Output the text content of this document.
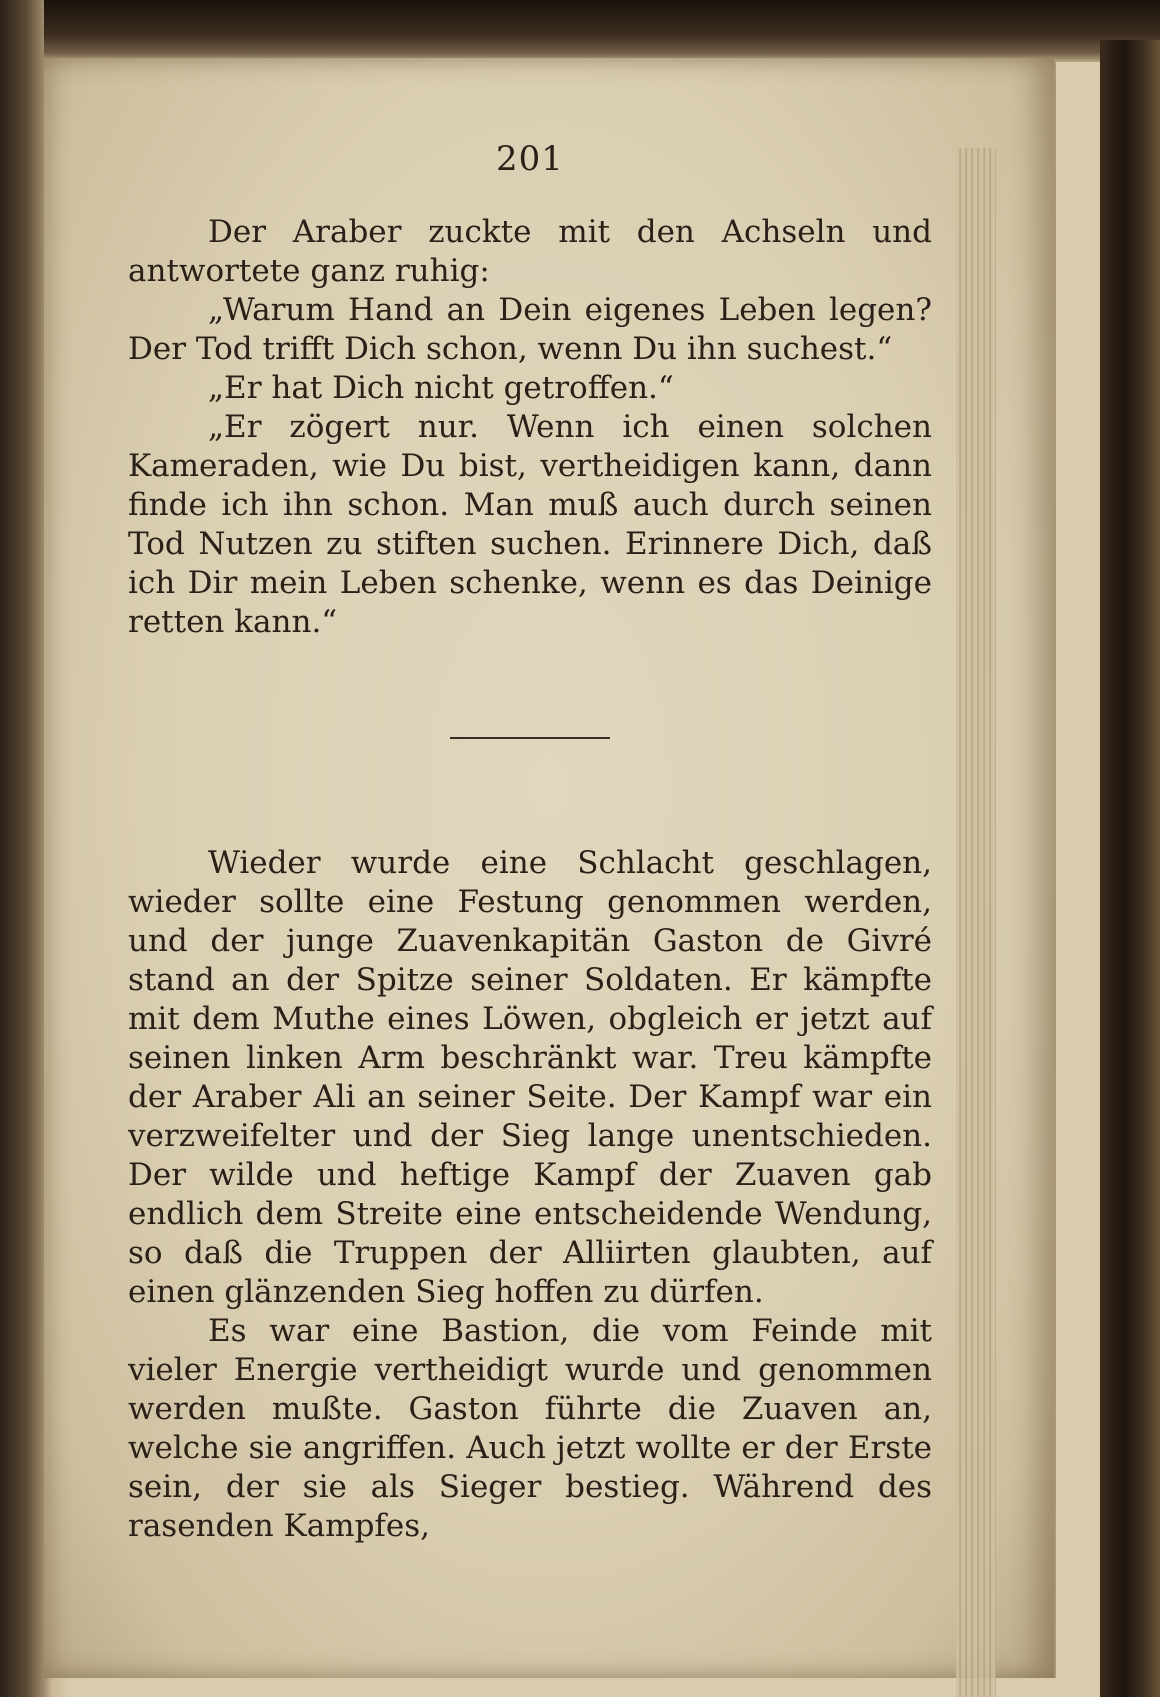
201

Der Araber zuckte mit den Achseln und antwortete ganz ruhig:

„Warum Hand an Dein eigenes Leben legen? Der Tod trifft Dich schon, wenn Du ihn suchest.“

„Er hat Dich nicht getroffen.“

„Er zögert nur. Wenn ich einen solchen Kameraden, wie Du bist, vertheidigen kann, dann finde ich ihn schon. Man muß auch durch seinen Tod Nutzen zu stiften suchen. Erinnere Dich, daß ich Dir mein Leben schenke, wenn es das Deinige retten kann.“

Wieder wurde eine Schlacht geschlagen, wieder sollte eine Festung genommen werden, und der junge Zuavenkapitän Gaston de Givré stand an der Spitze seiner Soldaten. Er kämpfte mit dem Muthe eines Löwen, obgleich er jetzt auf seinen linken Arm beschränkt war. Treu kämpfte der Araber Ali an seiner Seite. Der Kampf war ein verzweifelter und der Sieg lange unentschieden. Der wilde und heftige Kampf der Zuaven gab endlich dem Streite eine entscheidende Wendung, so daß die Truppen der Alliirten glaubten, auf einen glänzenden Sieg hoffen zu dürfen.

Es war eine Bastion, die vom Feinde mit vieler Energie vertheidigt wurde und genommen werden mußte. Gaston führte die Zuaven an, welche sie angriffen. Auch jetzt wollte er der Erste sein, der sie als Sieger bestieg. Während des rasenden Kampfes,
